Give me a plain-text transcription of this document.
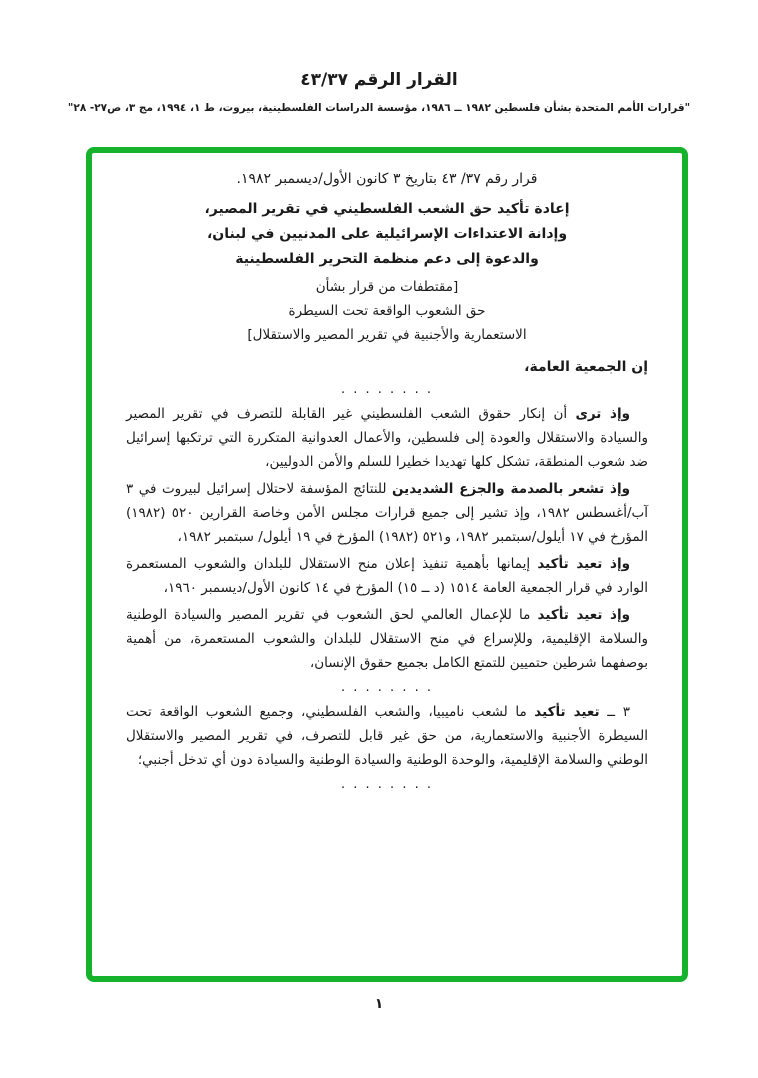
القرار الرقم ٤٣/٣٧
"قرارات الأمم المتحدة بشأن فلسطين ١٩٨٢ ــ ١٩٨٦، مؤسسة الدراسات الفلسطينية، بيروت، ط ١، ١٩٩٤، مج ٣، ص٢٧- ٢٨"
قرار رقم ٣٧/ ٤٣ بتاريخ ٣ كانون الأول/ديسمبر ١٩٨٢.
إعادة تأكيد حق الشعب الفلسطيني في تقرير المصير،
وإدانة الاعتداءات الإسرائيلية على المدنيين في لبنان،
والدعوة إلى دعم منظمة التحرير الفلسطينية
[مقتطفات من قرار بشأن
حق الشعوب الواقعة تحت السيطرة
الاستعمارية والأجنبية في تقرير المصير والاستقلال]
إن الجمعية العامة،
. . . . . . . .

وإذ ترى أن إنكار حقوق الشعب الفلسطيني غير القابلة للتصرف في تقرير المصير والسيادة والاستقلال والعودة إلى فلسطين، والأعمال العدوانية المتكررة التي ترتكبها إسرائيل ضد شعوب المنطقة، تشكل كلها تهديدا خطيرا للسلم والأمن الدوليين،

وإذ تشعر بالصدمة والجزع الشديدين للنتائج المؤسفة لاحتلال إسرائيل لبيروت في ٣ آب/أغسطس ١٩٨٢، وإذ تشير إلى جميع قرارات مجلس الأمن وخاصة القرارين ٥٢٠ (١٩٨٢) المؤرخ في ١٧ أيلول/سبتمبر ١٩٨٢، و٥٢١ (١٩٨٢) المؤرخ في ١٩ أيلول/ سبتمبر ١٩٨٢،

وإذ تعيد تأكيد إيمانها بأهمية تنفيذ إعلان منح الاستقلال للبلدان والشعوب المستعمرة الوارد في قرار الجمعية العامة ١٥١٤ (د ــ ١٥) المؤرخ في ١٤ كانون الأول/ديسمبر ١٩٦٠،

وإذ تعيد تأكيد ما للإعمال العالمي لحق الشعوب في تقرير المصير والسيادة الوطنية والسلامة الإقليمية، وللإسراع في منح الاستقلال للبلدان والشعوب المستعمرة، من أهمية بوصفهما شرطين حتميين للتمتع الكامل بجميع حقوق الإنسان،

. . . . . . . .

٣ ــ تعيد تأكيد ما لشعب ناميبيا، والشعب الفلسطيني، وجميع الشعوب الواقعة تحت السيطرة الأجنبية والاستعمارية، من حق غير قابل للتصرف، في تقرير المصير والاستقلال الوطني والسلامة الإقليمية، والوحدة الوطنية والسيادة الوطنية والسيادة دون أي تدخل أجنبي؛

. . . . . . . .
١
